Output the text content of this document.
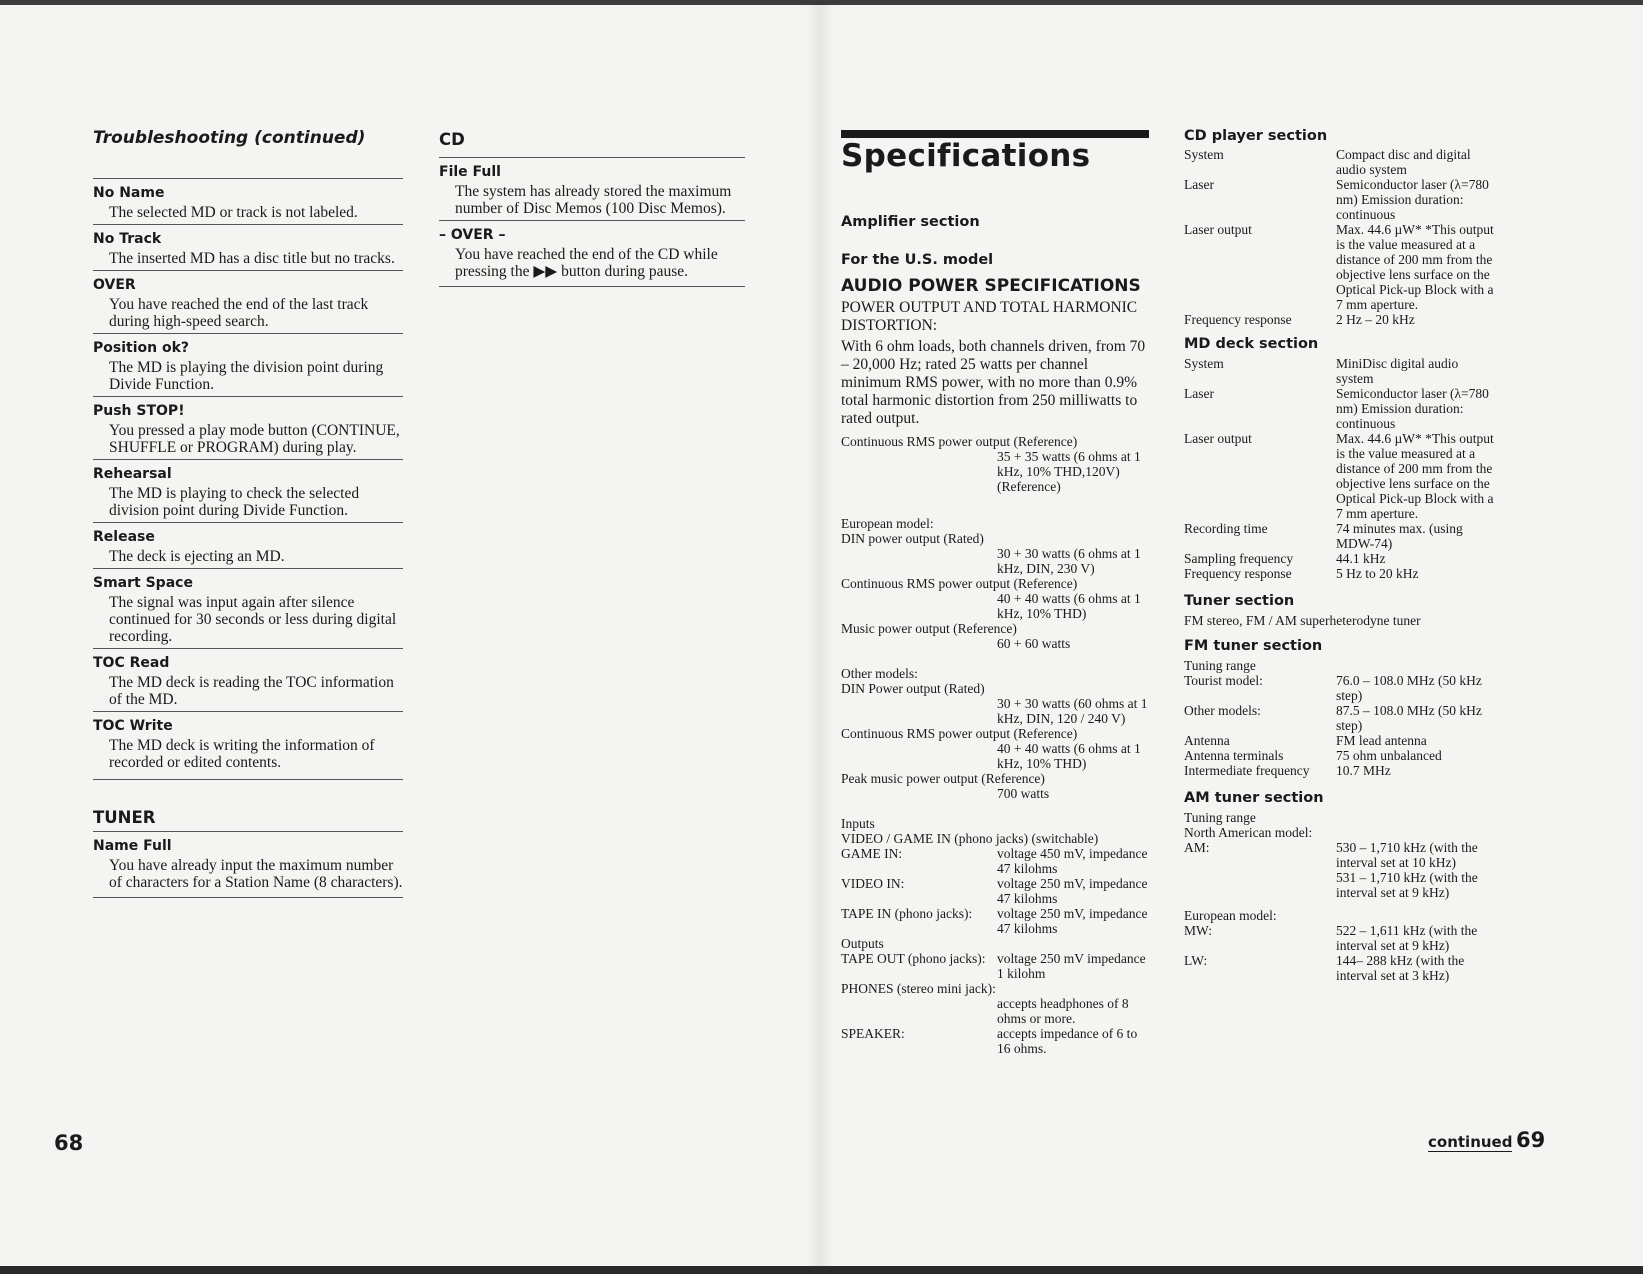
Troubleshooting (continued)
No Name
The selected MD or track is not labeled.
No Track
The inserted MD has a disc title but no tracks.
OVER
You have reached the end of the last track during high-speed search.
Position ok?
The MD is playing the division point during Divide Function.
Push STOP!
You pressed a play mode button (CONTINUE, SHUFFLE or PROGRAM) during play.
Rehearsal
The MD is playing to check the selected division point during Divide Function.
Release
The deck is ejecting an MD.
Smart Space
The signal was input again after silence continued for 30 seconds or less during digital recording.
TOC Read
The MD deck is reading the TOC information of the MD.
TOC Write
The MD deck is writing the information of recorded or edited contents.
TUNER
Name Full
You have already input the maximum number of characters for a Station Name (8 characters).
CD
File Full
The system has already stored the maximum number of Disc Memos (100 Disc Memos).
– OVER –
You have reached the end of the CD while pressing the ▶▶ button during pause.
68
Specifications
Amplifier section
For the U.S. model
AUDIO POWER SPECIFICATIONS
POWER OUTPUT AND TOTAL HARMONIC DISTORTION:
With 6 ohm loads, both channels driven, from 70 – 20,000 Hz; rated 25 watts per channel minimum RMS power, with no more than 0.9% total harmonic distortion from 250 milliwatts to rated output.
Continuous RMS power output (Reference)
35 + 35 watts (6 ohms at 1 kHz, 10% THD,120V) (Reference)
European model:
DIN power output (Rated)
30 + 30 watts (6 ohms at 1 kHz, DIN, 230 V)
Continuous RMS power output (Reference)
40 + 40 watts (6 ohms at 1 kHz, 10% THD)
Music power output (Reference)
60 + 60 watts
Other models:
DIN Power output (Rated)
30 + 30 watts (60 ohms at 1 kHz, DIN, 120 / 240 V)
Continuous RMS power output (Reference)
40 + 40 watts (6 ohms at 1 kHz, 10% THD)
Peak music power output (Reference)
700 watts
Inputs
VIDEO / GAME IN (phono jacks) (switchable)
GAME IN:	voltage 450 mV, impedance 47 kilohms
VIDEO IN:	voltage 250 mV, impedance 47 kilohms
TAPE IN (phono jacks):	voltage 250 mV, impedance 47 kilohms
Outputs
TAPE OUT (phono jacks): voltage 250 mV impedance 1 kilohm
PHONES (stereo mini jack):
accepts headphones of 8 ohms or more.
SPEAKER:	accepts impedance of 6 to 16 ohms.
CD player section
System	Compact disc and digital audio system
Laser	Semiconductor laser (λ=780 nm) Emission duration: continuous
Laser output	Max. 44.6 µW* *This output is the value measured at a distance of 200 mm from the objective lens surface on the Optical Pick-up Block with a 7 mm aperture.
Frequency response	2 Hz – 20 kHz
MD deck section
System	MiniDisc digital audio system
Laser	Semiconductor laser (λ=780 nm) Emission duration: continuous
Laser output	Max. 44.6 µW* *This output is the value measured at a distance of 200 mm from the objective lens surface on the Optical Pick-up Block with a 7 mm aperture.
Recording time	74 minutes max. (using MDW-74)
Sampling frequency	44.1 kHz
Frequency response	5 Hz to 20 kHz
Tuner section
FM stereo, FM / AM superheterodyne tuner
FM tuner section
Tuning range
Tourist model:	76.0 – 108.0 MHz (50 kHz step)
Other models:	87.5 – 108.0 MHz (50 kHz step)
Antenna	FM lead antenna
Antenna terminals	75 ohm unbalanced
Intermediate frequency	10.7 MHz
AM tuner section
Tuning range
North American model:
AM:	530 – 1,710 kHz (with the interval set at 10 kHz)
531 – 1,710 kHz (with the interval set at 9 kHz)
European model:
MW:	522 – 1,611 kHz (with the interval set at 9 kHz)
LW:	144– 288 kHz (with the interval set at 3 kHz)
continued 69
